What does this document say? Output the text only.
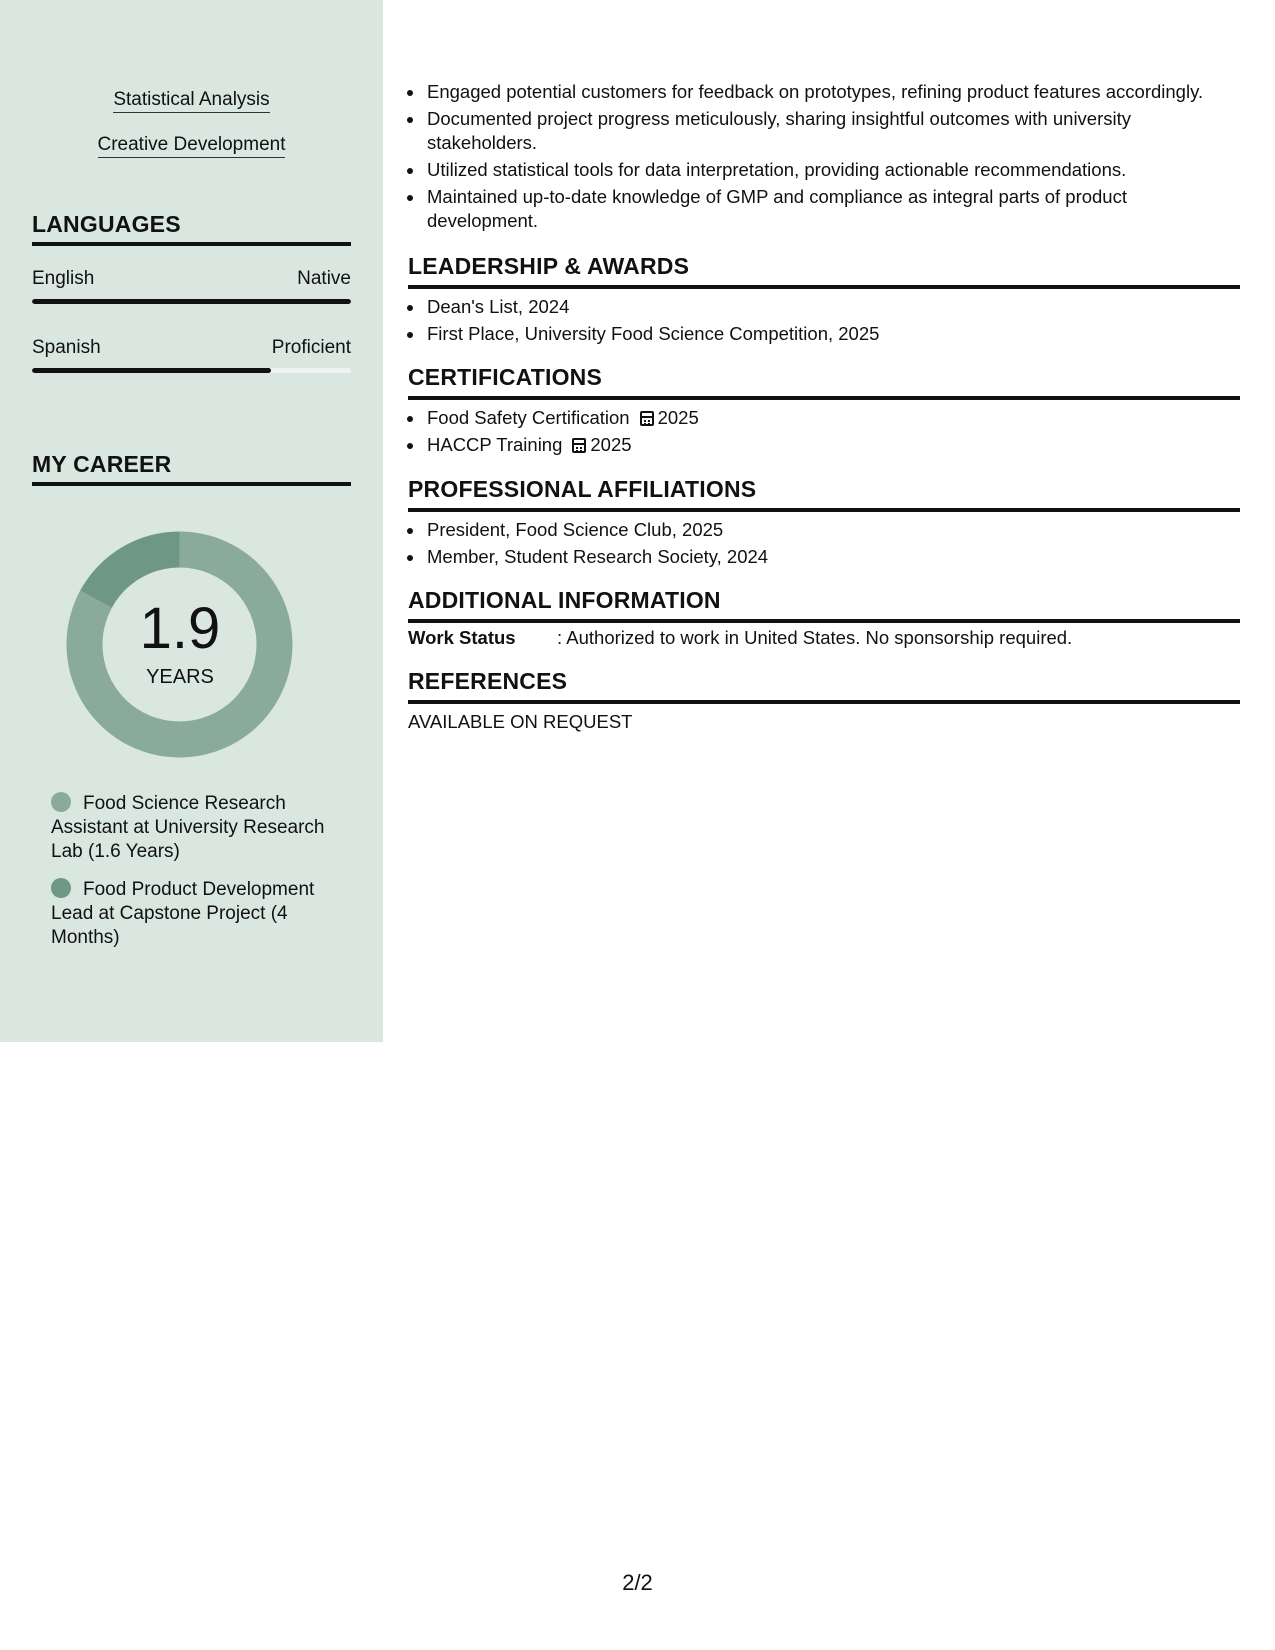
Statistical Analysis
Creative Development
LANGUAGES
English	Native
Spanish	Proficient
MY CAREER
1.9
YEARS
Food Science Research Assistant at University Research Lab (1.6 Years)
Food Product Development Lead at Capstone Project (4 Months)
Engaged potential customers for feedback on prototypes, refining product features accordingly.
Documented project progress meticulously, sharing insightful outcomes with university stakeholders.
Utilized statistical tools for data interpretation, providing actionable recommendations.
Maintained up-to-date knowledge of GMP and compliance as integral parts of product development.
LEADERSHIP & AWARDS
Dean's List, 2024
First Place, University Food Science Competition, 2025
CERTIFICATIONS
Food Safety Certification 2025
HACCP Training 2025
PROFESSIONAL AFFILIATIONS
President, Food Science Club, 2025
Member, Student Research Society, 2024
ADDITIONAL INFORMATION
Work Status : Authorized to work in United States. No sponsorship required.
REFERENCES
AVAILABLE ON REQUEST
2/2
